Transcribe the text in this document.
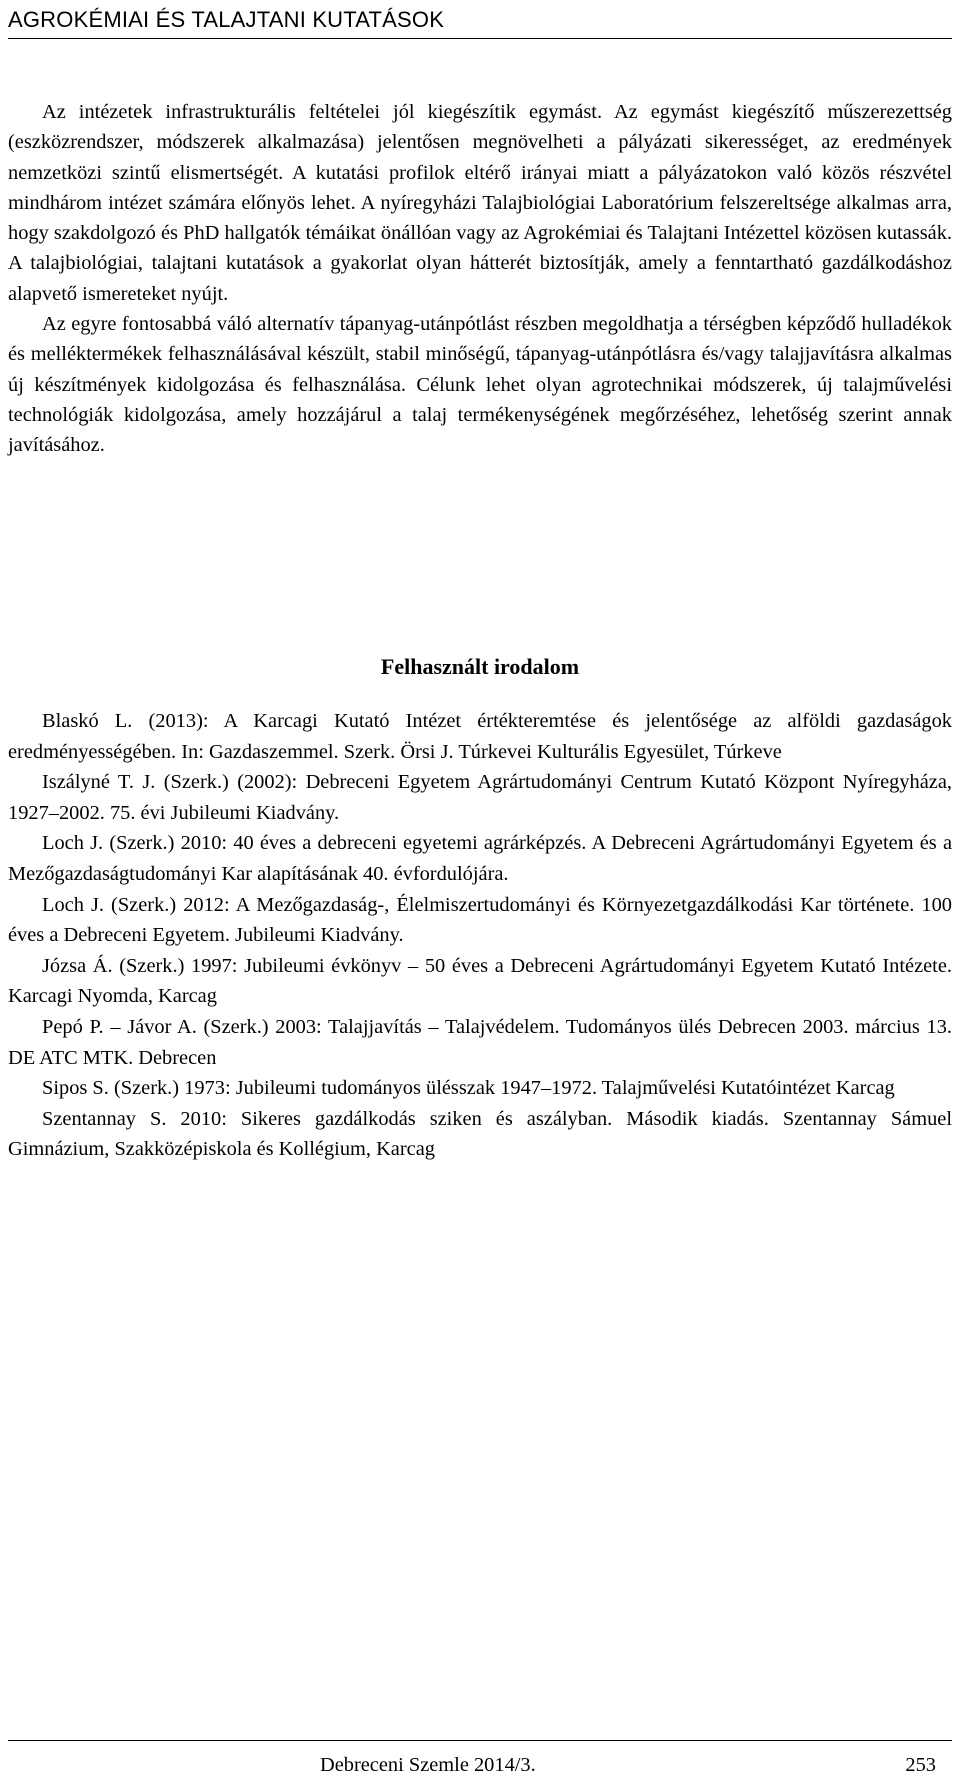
AGROKÉMIAI ÉS TALAJTANI KUTATÁSOK

Az intézetek infrastrukturális feltételei jól kiegészítik egymást. Az egymást kiegészítő műszerezettség (eszközrendszer, módszerek alkalmazása) jelentősen megnövelheti a pályázati sikerességet, az eredmények nemzetközi szintű elismertségét. A kutatási profilok eltérő irányai miatt a pályázatokon való közös részvétel mindhárom intézet számára előnyös lehet. A nyíregyházi Talajbiológiai Laboratórium felszereltsége alkalmas arra, hogy szakdolgozó és PhD hallgatók témáikat önállóan vagy az Agrokémiai és Talajtani Intézettel közösen kutassák. A talajbiológiai, talajtani kutatások a gyakorlat olyan hátterét biztosítják, amely a fenntartható gazdálkodáshoz alapvető ismereteket nyújt.

Az egyre fontosabbá váló alternatív tápanyag-utánpótlást részben megoldhatja a térségben képződő hulladékok és melléktermékek felhasználásával készült, stabil minőségű, tápanyag-utánpótlásra és/vagy talajjavításra alkalmas új készítmények kidolgozása és felhasználása. Célunk lehet olyan agrotechnikai módszerek, új talajművelési technológiák kidolgozása, amely hozzájárul a talaj termékenységének megőrzéséhez, lehetőség szerint annak javításához.

Felhasznált irodalom

Blaskó L. (2013): A Karcagi Kutató Intézet értékteremtése és jelentősége az alföldi gazdaságok eredményességében. In: Gazdaszemmel. Szerk. Örsi J. Túrkevei Kulturális Egyesület, Túrkeve

Iszályné T. J. (Szerk.) (2002): Debreceni Egyetem Agrártudományi Centrum Kutató Központ Nyíregyháza, 1927–2002. 75. évi Jubileumi Kiadvány.

Loch J. (Szerk.) 2010: 40 éves a debreceni egyetemi agrárképzés. A Debreceni Agrártudományi Egyetem és a Mezőgazdaságtudományi Kar alapításának 40. évfordulójára.

Loch J. (Szerk.) 2012: A Mezőgazdaság-, Élelmiszertudományi és Környezetgazdálkodási Kar története. 100 éves a Debreceni Egyetem. Jubileumi Kiadvány.

Józsa Á. (Szerk.) 1997: Jubileumi évkönyv – 50 éves a Debreceni Agrártudományi Egyetem Kutató Intézete. Karcagi Nyomda, Karcag

Pepó P. – Jávor A. (Szerk.) 2003: Talajjavítás – Talajvédelem. Tudományos ülés Debrecen 2003. március 13. DE ATC MTK. Debrecen

Sipos S. (Szerk.) 1973: Jubileumi tudományos ülésszak 1947–1972. Talajművelési Kutatóintézet Karcag

Szentannay S. 2010: Sikeres gazdálkodás sziken és aszályban. Második kiadás. Szentannay Sámuel Gimnázium, Szakközépiskola és Kollégium, Karcag

Debreceni Szemle 2014/3.	253
